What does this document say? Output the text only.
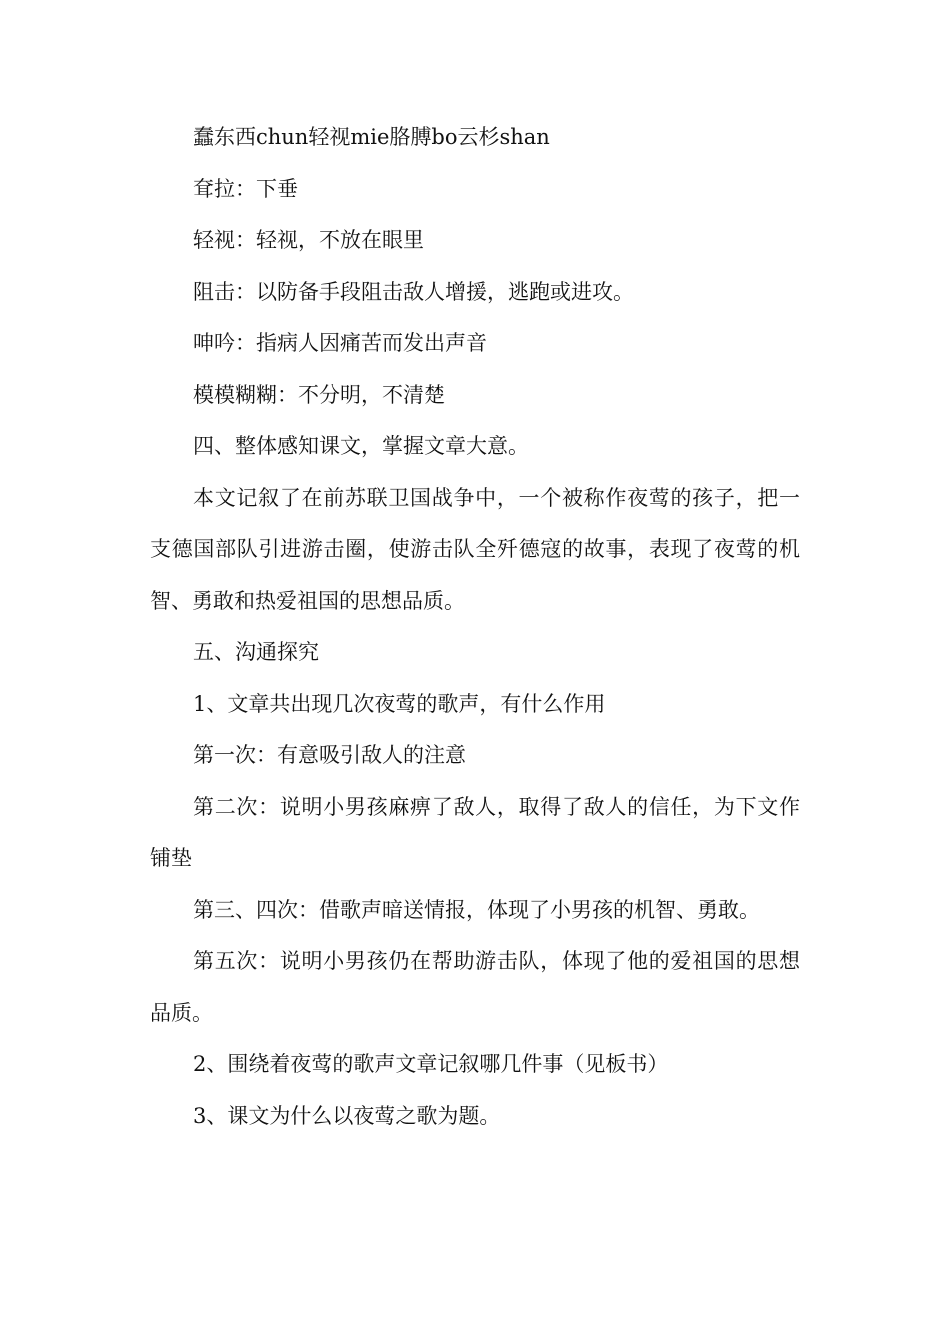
蠢东西chun轻视mie胳膊bo云杉shan

耷拉：下垂

轻视：轻视，不放在眼里

阻击：以防备手段阻击敌人增援，逃跑或进攻。

呻吟：指病人因痛苦而发出声音

模模糊糊：不分明，不清楚

四、整体感知课文，掌握文章大意。

本文记叙了在前苏联卫国战争中，一个被称作夜莺的孩子，把一支德国部队引进游击圈，使游击队全歼德寇的故事，表现了夜莺的机智、勇敢和热爱祖国的思想品质。

五、沟通探究

1、文章共出现几次夜莺的歌声，有什么作用

第一次：有意吸引敌人的注意

第二次：说明小男孩麻痹了敌人，取得了敌人的信任，为下文作铺垫

第三、四次：借歌声暗送情报，体现了小男孩的机智、勇敢。

第五次：说明小男孩仍在帮助游击队，体现了他的爱祖国的思想品质。

2、围绕着夜莺的歌声文章记叙哪几件事（见板书）

3、课文为什么以夜莺之歌为题。
